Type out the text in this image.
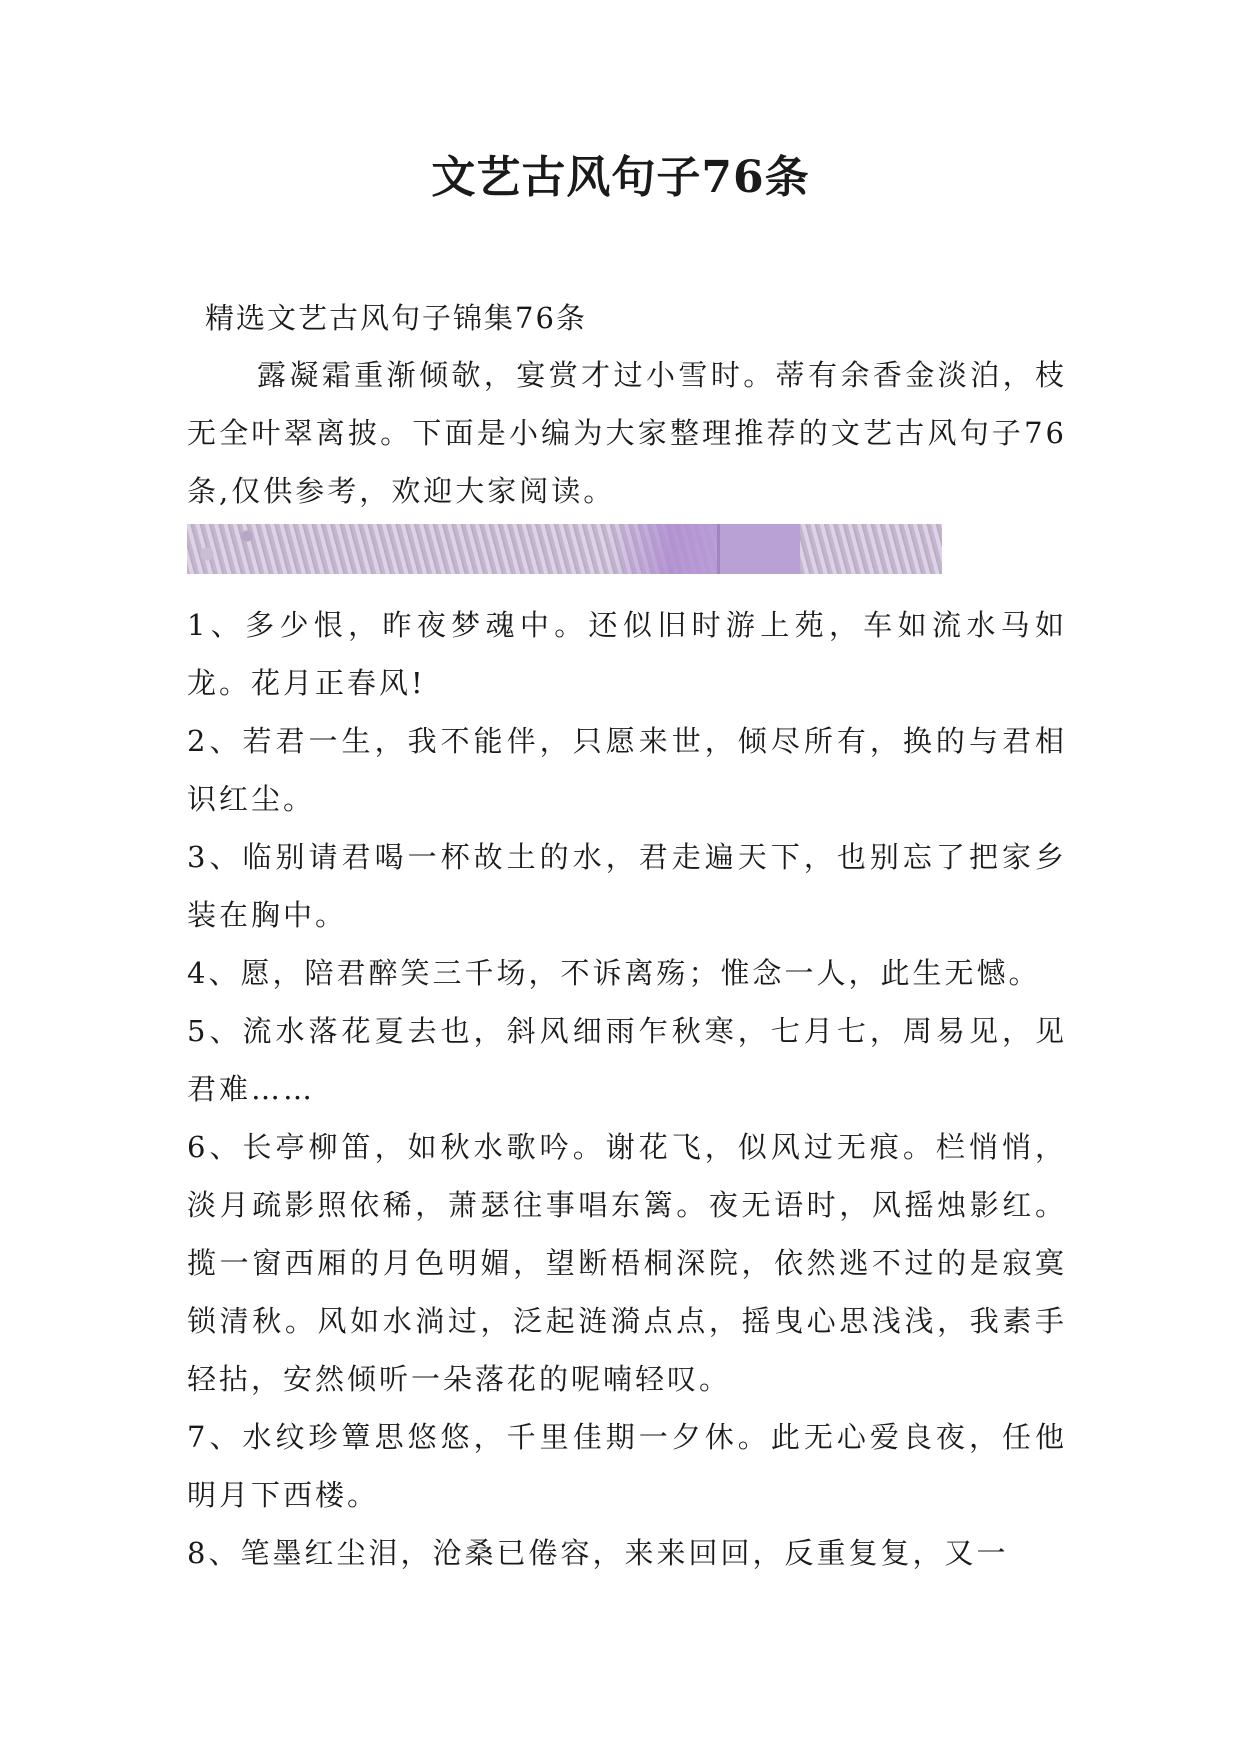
文艺古风句子76条

精选文艺古风句子锦集76条

露凝霜重渐倾欹，宴赏才过小雪时。蒂有余香金淡泊，枝无全叶翠离披。下面是小编为大家整理推荐的文艺古风句子76条,仅供参考，欢迎大家阅读。

1、多少恨，昨夜梦魂中。还似旧时游上苑，车如流水马如龙。花月正春风!

2、若君一生，我不能伴，只愿来世，倾尽所有，换的与君相识红尘。

3、临别请君喝一杯故土的水，君走遍天下，也别忘了把家乡装在胸中。

4、愿，陪君醉笑三千场，不诉离殇；惟念一人，此生无憾。

5、流水落花夏去也，斜风细雨乍秋寒，七月七，周易见，见君难……

6、长亭柳笛，如秋水歌吟。谢花飞，似风过无痕。栏悄悄，淡月疏影照依稀，萧瑟往事唱东篱。夜无语时，风摇烛影红。揽一窗西厢的月色明媚，望断梧桐深院，依然逃不过的是寂寞锁清秋。风如水淌过，泛起涟漪点点，摇曳心思浅浅，我素手轻拈，安然倾听一朵落花的呢喃轻叹。

7、水纹珍簟思悠悠，千里佳期一夕休。此无心爱良夜，任他明月下西楼。

8、笔墨红尘泪，沧桑已倦容，来来回回，反重复复，又一
